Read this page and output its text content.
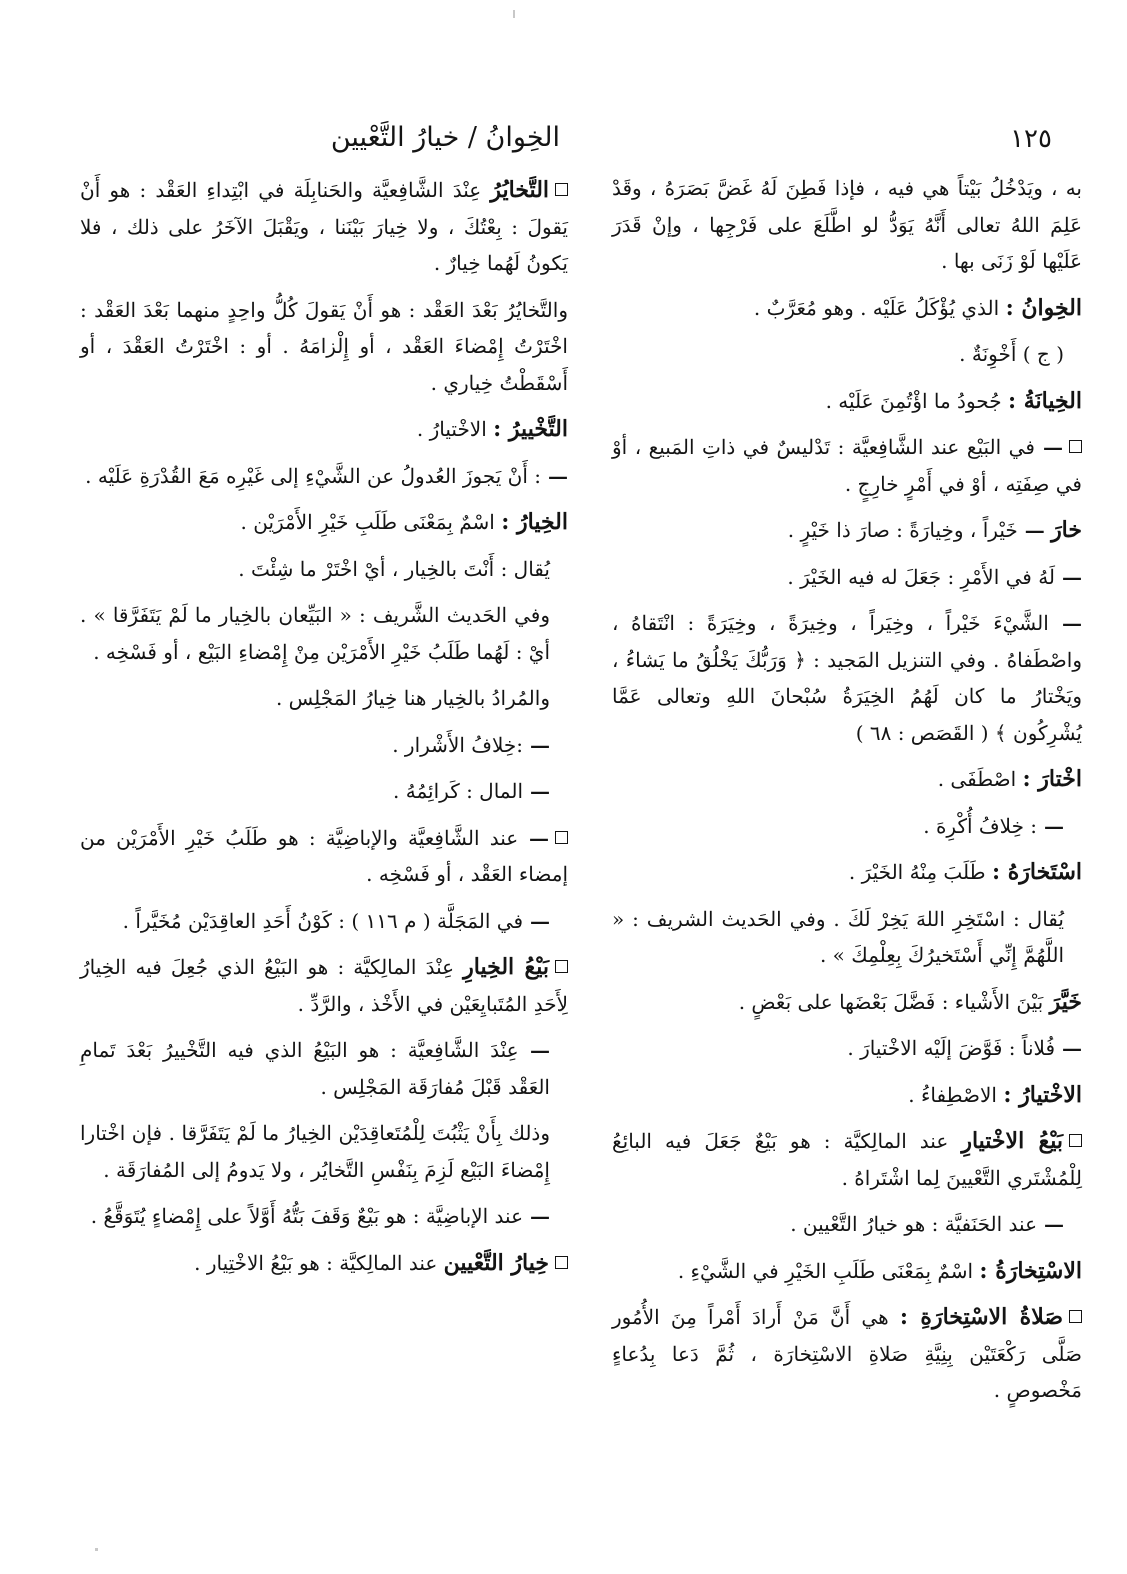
١٢٥
الخِوانُ / خيارُ التَّعْيين
به ، ويَدْخُلُ بَيْتاً هي فيه ، فإذا فَطِنَ لَهُ غَضَّ بَصَرَهُ ، وقَدْ عَلِمَ اللهُ تعالى أَنَّهُ يَوَدُّ لو اطَّلَعَ على فَرْجِها ، وإنْ قَدَرَ عَلَيْها لَوْ زَنَى بها .
الخِوانُ : الذي يُؤْكَلُ عَلَيْه . وهو مُعَرَّبٌ .
( ج ) أَخْوِنَةٌ .
الخِيانَةُ : جُحودُ ما اؤْتُمِنَ عَلَيْه .
— في البَيْع عند الشَّافِعيَّة : تَدْليسٌ في ذاتِ المَبيع ، أوْ في صِفَتِه ، أوْ في أَمْرٍ خارِجٍ .
خارَ — خَيْراً ، وخِيارَةً : صارَ ذا خَيْرٍ .
— لَهُ في الأَمْرِ : جَعَلَ له فيه الخَيْرَ .
— الشَّيْءَ خَيْراً ، وخِيَراً ، وخِيرَةً ، وخِيَرَةً : انْتَقاهُ ، واصْطَفاهُ . وفي التنزيل المَجيد : ﴿ وَرَبُّكَ يَخْلُقُ ما يَشاءُ ، ويَخْتارُ ما كان لَهُمُ الخِيَرَةُ سُبْحانَ اللهِ وتعالى عَمَّا يُشْرِكُون ﴾ ( القَصَص : ٦٨ )
اخْتارَ : اصْطَفَى .
— : خِلافُ أُكْرِهَ .
اسْتَخارَهُ : طَلَبَ مِنْهُ الخَيْرَ .
يُقال : اسْتَخِرِ اللهَ يَخِرْ لَكَ . وفي الحَديث الشريف : « اللَّهُمَّ إِنِّي أَسْتَخيرُكَ بِعِلْمِكَ » .
خَيَّرَ بَيْنَ الأَشْياء : فَضَّلَ بَعْضَها على بَعْضٍ .
— فُلاناً : فَوَّضَ إلَيْه الاخْتيارَ .
الاخْتيارُ : الاصْطِفاءُ .
بَيْعُ الاخْتيارِ عند المالِكيَّة : هو بَيْعٌ جَعَلَ فيه البائِعُ لِلْمُشْتَري التَّعْيينَ لِما اشْتَراهُ .
— عند الحَنَفيَّة : هو خيارُ التَّعْيين .
الاسْتِخارَةُ : اسْمٌ بِمَعْنَى طَلَبِ الخَيْرِ في الشَّيْءِ .
صَلاةُ الاسْتِخارَةِ : هي أَنَّ مَنْ أَرادَ أَمْراً مِنَ الأُمُور صَلَّى رَكْعَتَيْن بِنِيَّةِ صَلاةِ الاسْتِخارَة ، ثُمَّ دَعا بِدُعاءٍ مَخْصوصٍ .
التَّخايُرُ عِنْدَ الشَّافِعيَّة والحَنابِلَة في ابْتِداءِ العَقْد : هو أَنْ يَقولَ : بِعْتُكَ ، ولا خِيارَ بَيْنَنا ، ويَقْبَلَ الآخَرُ على ذلك ، فلا يَكونُ لَهُما خِيارٌ .
والتَّخايُرُ بَعْدَ العَقْد : هو أَنْ يَقولَ كُلُّ واحِدٍ منهما بَعْدَ العَقْد : اخْتَرْتُ إِمْضاءَ العَقْد ، أو إِلْزامَهُ . أو : اخْتَرْتُ العَقْدَ ، أو أَسْقَطْتُ خِياري .
التَّخْييرُ : الاخْتيارُ .
— : أَنْ يَجوزَ العُدولُ عن الشَّيْءِ إلى غَيْرِه مَعَ القُدْرَةِ عَلَيْه .
الخِيارُ : اسْمٌ بِمَعْنَى طَلَبِ خَيْرِ الأَمْرَيْن .
يُقال : أَنْتَ بالخِيار ، أيْ اخْتَرْ ما شِئْتَ .
وفي الحَديث الشَّريف : « البَيِّعان بالخِيار ما لَمْ يَتَفَرَّقا » . أيْ : لَهُما طَلَبُ خَيْرِ الأَمْرَيْن مِنْ إِمْضاءِ البَيْع ، أو فَسْخِه .
والمُرادُ بالخِيار هنا خِيارُ المَجْلِس .
— :خِلافُ الأَشْرار .
— المال : كَرائِمُهُ .
— عند الشَّافِعيَّة والإباضِيَّة : هو طَلَبُ خَيْرِ الأَمْرَيْن من إمضاء العَقْد ، أو فَسْخِه .
— في المَجَلَّة ( م ١١٦ ) : كَوْنُ أَحَدِ العاقِدَيْن مُخَيَّراً .
بَيْعُ الخِيارِ عِنْدَ المالِكيَّة : هو البَيْعُ الذي جُعِلَ فيه الخِيارُ لِأَحَدِ المُتَبايِعَيْن في الأَخْذ ، والرَّدِّ .
— عِنْدَ الشَّافِعيَّة : هو البَيْعُ الذي فيه التَّخْييرُ بَعْدَ تَمامِ العَقْد قَبْلَ مُفارَقَة المَجْلِس .
وذلك بِأَنْ يَثْبُتَ لِلْمُتَعاقِدَيْن الخِيارُ ما لَمْ يَتَفَرَّقا . فإن اخْتارا إِمْضاءَ البَيْع لَزِمَ بِنَفْسِ التَّخايُر ، ولا يَدومُ إلى المُفارَقَة .
— عند الإباضِيَّة : هو بَيْعٌ وَقَفَ بَتُّهُ أَوَّلاً على إِمْضاءٍ يُتَوَقَّعُ .
خِيارُ التَّعْيين عند المالِكيَّة : هو بَيْعُ الاخْتِيار .
